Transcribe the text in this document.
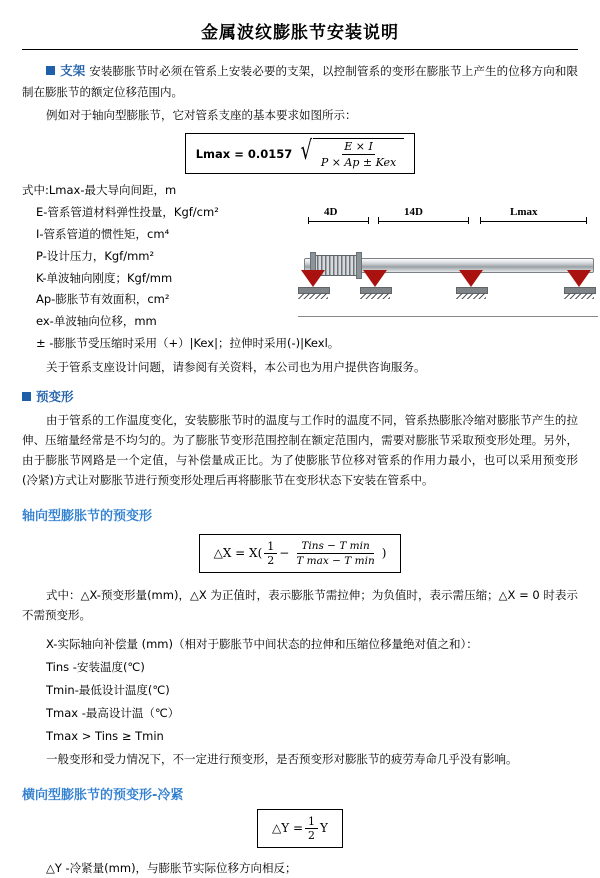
金属波纹膨胀节安装说明
支架 安装膨胀节时必须在管系上安装必要的支架，以控制管系的变形在膨胀节上产生的位移方向和限制在膨胀节的额定位移范围内。
例如对于轴向型膨胀节，它对管系支座的基本要求如图所示：
Lmax = 0.0157 √ $\frac{E \times I}{\text{P × Ap ± Kex}}$
式中:Lmax-最大导向间距，m
E-管系管道材料弹性投量，Kgf/cm²
I-管系管道的惯性矩，cm⁴
P-设计压力，Kgf/mm²
K-单波轴向刚度；Kgf/mm
Ap-膨胀节有效面积，cm²
ex-单波轴向位移，mm
± -膨胀节受压缩时采用（+）|Kex|；拉伸时采用(-)|Kexl。
4D	14D	Lmax
关于管系支座设计问题，请参阅有关资料，本公司也为用户提供咨询服务。
预变形
由于管系的工作温度变化，安装膨胀节时的温度与工作时的温度不同，管系热膨胀冷缩对膨胀节产生的拉伸、压缩量经常是不均匀的。为了膨胀节变形范围控制在额定范围内，需要对膨胀节采取预变形处理。另外，由于膨胀节网路是一个定值，与补偿量成正比。为了使膨胀节位移对管系的作用力最小，也可以采用预变形(冷紧)方式让对膨胀节进行预变形处理后再将膨胀节在变形状态下安装在管系中。
轴向型膨胀节的预变形
△X = $X( \frac{1}{2} - \frac{\text{Tins − T min}}{\text{T max − T min}}$ )
式中：△X-预变形量(mm)，△X 为正值时，表示膨胀节需拉伸；为负值时，表示需压缩；△X = 0 时表示不需预变形。
X-实际轴向补偿量 (mm)（相对于膨胀节中间状态的拉伸和压缩位移量绝对值之和）：
Tins -安装温度(℃)
Tmin-最低设计温度(℃)
Tmax -最高设计温（℃）
Tmax > Tins ≥ Tmin
一般变形和受力情况下，不一定进行预变形，是否预变形对膨胀节的疲劳寿命几乎没有影响。
横向型膨胀节的预变形-冷紧
△Y = $\frac{1}{2}$ Y
△Y -冷紧量(mm)，与膨胀节实际位移方向相反；
